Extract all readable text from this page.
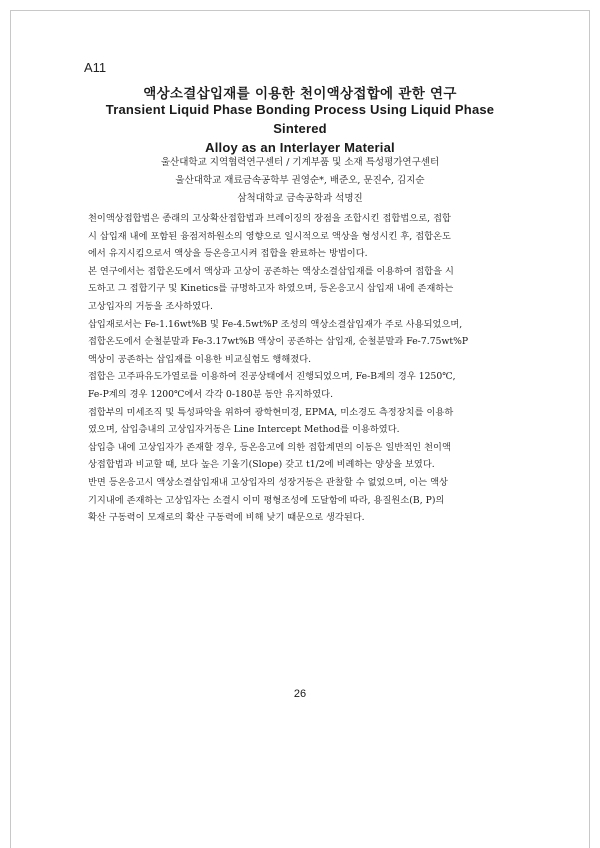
A11
액상소결삽입재를 이용한 천이액상접합에 관한 연구
Transient Liquid Phase Bonding Process Using Liquid Phase Sintered
Alloy as an Interlayer Material
울산대학교 지역협력연구센터 / 기계부품 및 소재 특성평가연구센터
울산대학교 재료금속공학부 권영순*, 배준오, 문진수, 김지순
삼척대학교 금속공학과 석명진
천이액상접합법은 종래의 고상확산접합법과 브레이징의 장점을 조합시킨 접합법으로, 접합
시 삽입재 내에 포함된 융점저하원소의 영향으로 일시적으로 액상을 형성시킨 후, 접합온도
에서 유지시킴으로서 액상을 등온응고시켜 접합을 완료하는 방법이다.
본 연구에서는 접합온도에서 액상과 고상이 공존하는 액상소결삽입재를 이용하여 접합을 시
도하고 그 접합기구 및 Kinetics를 규명하고자 하였으며, 등온응고시 삽입재 내에 존재하는
고상입자의 거동을 조사하였다.
삽입재로서는 Fe-1.16wt%B 및 Fe-4.5wt%P 조성의 액상소결삽입재가 주로 사용되었으며,
접합온도에서 순철분말과 Fe-3.17wt%B 액상이 공존하는 삽입재, 순철분말과 Fe-7.75wt%P
액상이 공존하는 삽입재를 이용한 비교실험도 행해졌다.
접합은 고주파유도가열로를 이용하여 진공상태에서 진행되었으며, Fe-B계의 경우 1250℃,
Fe-P계의 경우 1200℃에서 각각 0-180분 동안 유지하였다.
접합부의 미세조직 및 특성파악을 위하여 광학현미경, EPMA, 미소경도 측정장치를 이용하
였으며, 삽입층내의 고상입자거동은 Line Intercept Method를 이용하였다.
삽입층 내에 고상입자가 존재할 경우, 등온응고에 의한 접합계면의 이동은 일반적인 천이액
상접합법과 비교할 때, 보다 높은 기울기(Slope) 갖고 t1/2에 비례하는 양상을 보였다.
반면 등온응고시 액상소결삽입재내 고상입자의 성장거동은 관찰할 수 없었으며, 이는 액상
기지내에 존재하는 고상입자는 소결시 이미 평형조성에 도달함에 따라, 용질원소(B, P)의
확산 구동력이 모재로의 확산 구동력에 비해 낮기 때문으로 생각된다.
26
